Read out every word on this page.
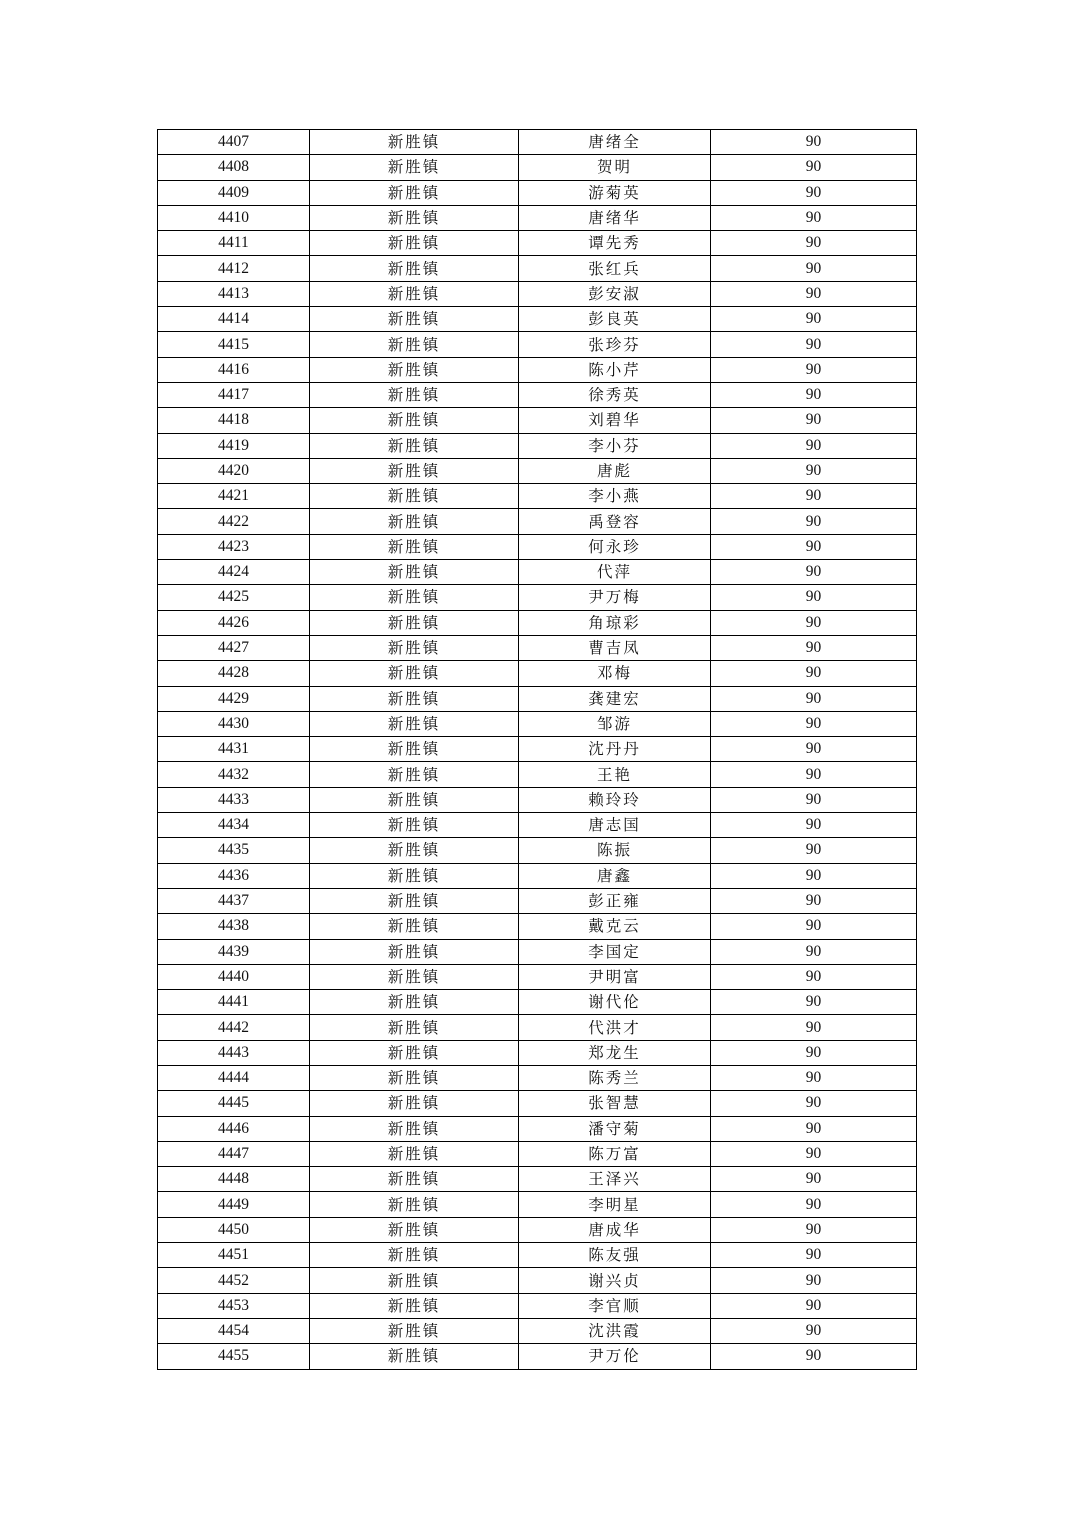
4407	新胜镇	唐绪全	90
4408	新胜镇	贺明	90
4409	新胜镇	游菊英	90
4410	新胜镇	唐绪华	90
4411	新胜镇	谭先秀	90
4412	新胜镇	张红兵	90
4413	新胜镇	彭安淑	90
4414	新胜镇	彭良英	90
4415	新胜镇	张珍芬	90
4416	新胜镇	陈小芹	90
4417	新胜镇	徐秀英	90
4418	新胜镇	刘碧华	90
4419	新胜镇	李小芬	90
4420	新胜镇	唐彪	90
4421	新胜镇	李小燕	90
4422	新胜镇	禹登容	90
4423	新胜镇	何永珍	90
4424	新胜镇	代萍	90
4425	新胜镇	尹万梅	90
4426	新胜镇	角琼彩	90
4427	新胜镇	曹吉凤	90
4428	新胜镇	邓梅	90
4429	新胜镇	龚建宏	90
4430	新胜镇	邹游	90
4431	新胜镇	沈丹丹	90
4432	新胜镇	王艳	90
4433	新胜镇	赖玲玲	90
4434	新胜镇	唐志国	90
4435	新胜镇	陈振	90
4436	新胜镇	唐鑫	90
4437	新胜镇	彭正雍	90
4438	新胜镇	戴克云	90
4439	新胜镇	李国定	90
4440	新胜镇	尹明富	90
4441	新胜镇	谢代伦	90
4442	新胜镇	代洪才	90
4443	新胜镇	郑龙生	90
4444	新胜镇	陈秀兰	90
4445	新胜镇	张智慧	90
4446	新胜镇	潘守菊	90
4447	新胜镇	陈万富	90
4448	新胜镇	王泽兴	90
4449	新胜镇	李明星	90
4450	新胜镇	唐成华	90
4451	新胜镇	陈友强	90
4452	新胜镇	谢兴贞	90
4453	新胜镇	李官顺	90
4454	新胜镇	沈洪霞	90
4455	新胜镇	尹万伦	90
